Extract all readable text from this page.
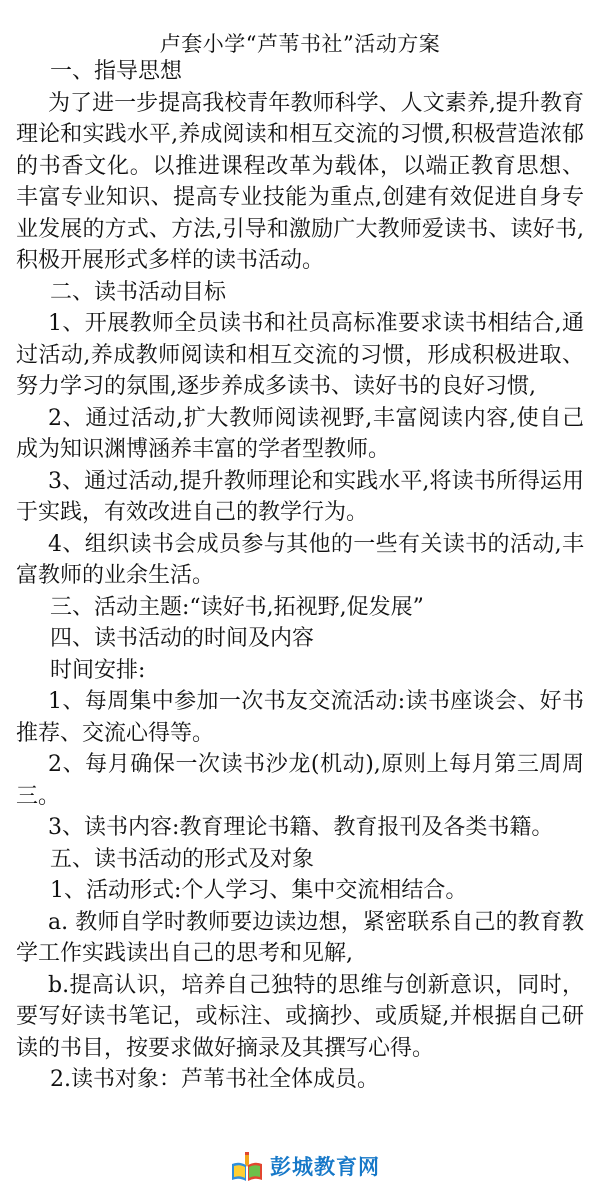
卢套小学“芦苇书社”活动方案

一、指导思想

为了进一步提高我校青年教师科学、人文素养,提升教育理论和实践水平,养成阅读和相互交流的习惯,积极营造浓郁的书香文化。以推进课程改革为载体，以端正教育思想、丰富专业知识、提高专业技能为重点,创建有效促进自身专业发展的方式、方法,引导和激励广大教师爱读书、读好书,积极开展形式多样的读书活动。

二、读书活动目标

1、开展教师全员读书和社员高标准要求读书相结合,通过活动,养成教师阅读和相互交流的习惯，形成积极进取、努力学习的氛围,逐步养成多读书、读好书的良好习惯,

2、通过活动,扩大教师阅读视野,丰富阅读内容,使自己成为知识渊博涵养丰富的学者型教师。

3、通过活动,提升教师理论和实践水平,将读书所得运用于实践，有效改进自己的教学行为。

4、组织读书会成员参与其他的一些有关读书的活动,丰富教师的业余生活。

三、活动主题:“读好书,拓视野,促发展”

四、读书活动的时间及内容

时间安排:

1、每周集中参加一次书友交流活动:读书座谈会、好书推荐、交流心得等。

2、每月确保一次读书沙龙(机动),原则上每月第三周周三。

3、读书内容:教育理论书籍、教育报刊及各类书籍。

五、读书活动的形式及对象

1、活动形式:个人学习、集中交流相结合。

a. 教师自学时教师要边读边想，紧密联系自己的教育教学工作实践读出自己的思考和见解,

b.提高认识，培养自己独特的思维与创新意识，同时，要写好读书笔记，或标注、或摘抄、或质疑,并根据自己研读的书目，按要求做好摘录及其撰写心得。

2.读书对象：芦苇书社全体成员。

彭城教育网
